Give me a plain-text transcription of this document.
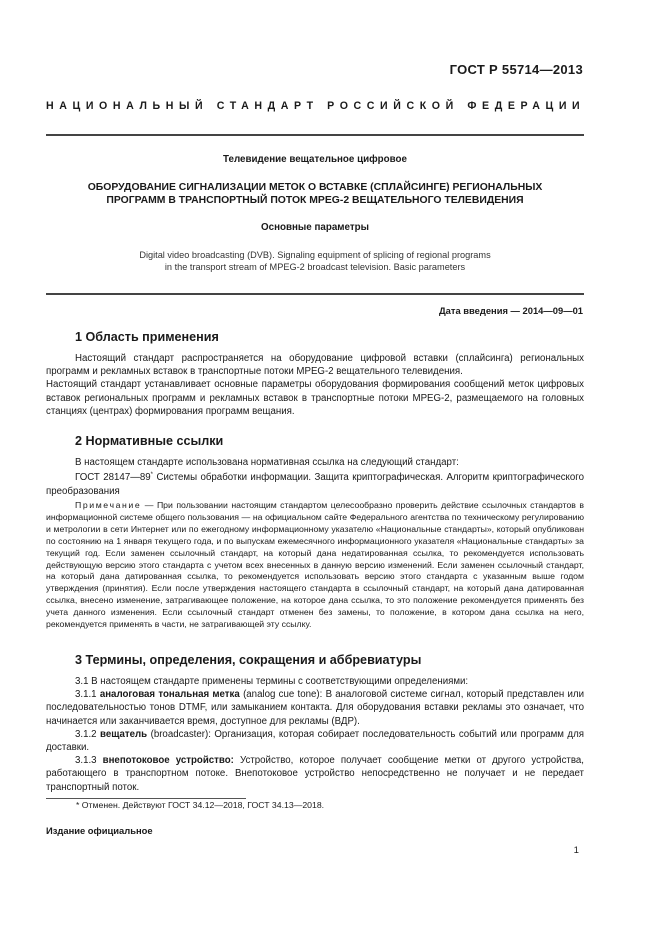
ГОСТ Р 55714—2013
НАЦИОНАЛЬНЫЙ СТАНДАРТ РОССИЙСКОЙ ФЕДЕРАЦИИ
Телевидение вещательное цифровое
ОБОРУДОВАНИЕ СИГНАЛИЗАЦИИ МЕТОК О ВСТАВКЕ (СПЛАЙСИНГЕ) РЕГИОНАЛЬНЫХ
ПРОГРАММ В ТРАНСПОРТНЫЙ ПОТОК MPEG-2 ВЕЩАТЕЛЬНОГО ТЕЛЕВИДЕНИЯ
Основные параметры
Digital video broadcasting (DVB). Signaling equipment of splicing of regional programs
in the transport stream of MPEG-2 broadcast television. Basic parameters
Дата введения — 2014—09—01
1 Область применения

Настоящий стандарт распространяется на оборудование цифровой вставки (сплайсинга) региональных программ и рекламных вставок в транспортные потоки MPEG-2 вещательного телевидения.

Настоящий стандарт устанавливает основные параметры оборудования формирования сообщений меток цифровых вставок региональных программ и рекламных вставок в транспортные потоки MPEG-2, размещаемого на головных станциях (центрах) формирования программ вещания.

2 Нормативные ссылки

В настоящем стандарте использована нормативная ссылка на следующий стандарт:

ГОСТ 28147—89* Системы обработки информации. Защита криптографическая. Алгоритм криптографического преобразования

Примечание — При пользовании настоящим стандартом целесообразно проверить действие ссылочных стандартов в информационной системе общего пользования — на официальном сайте Федерального агентства по техническому регулированию и метрологии в сети Интернет или по ежегодному информационному указателю «Национальные стандарты», который опубликован по состоянию на 1 января текущего года, и по выпускам ежемесячного информационного указателя «Национальные стандарты» за текущий год. Если заменен ссылочный стандарт, на который дана недатированная ссылка, то рекомендуется использовать действующую версию этого стандарта с учетом всех внесенных в данную версию изменений. Если заменен ссылочный стандарт, на который дана датированная ссылка, то рекомендуется использовать версию этого стандарта с указанным выше годом утверждения (принятия). Если после утверждения настоящего стандарта в ссылочный стандарт, на который дана датированная ссылка, внесено изменение, затрагивающее положение, на которое дана ссылка, то это положение рекомендуется применять без учета данного изменения. Если ссылочный стандарт отменен без замены, то положение, в котором дана ссылка на него, рекомендуется применять в части, не затрагивающей эту ссылку.

3 Термины, определения, сокращения и аббревиатуры

3.1 В настоящем стандарте применены термины с соответствующими определениями:

3.1.1 аналоговая тональная метка (analog cue tone): В аналоговой системе сигнал, который представлен или последовательностью тонов DTMF, или замыканием контакта. Для оборудования вставки рекламы это означает, что начинается или заканчивается время, доступное для рекламы (ВДР).

3.1.2 вещатель (broadcaster): Организация, которая собирает последовательность событий или программ для доставки.

3.1.3 внепотоковое устройство: Устройство, которое получает сообщение метки от другого устройства, работающего в транспортном потоке. Внепотоковое устройство непосредственно не получает и не передает транспортный поток.

* Отменен. Действуют ГОСТ 34.12—2018, ГОСТ 34.13—2018.
Издание официальное
1
